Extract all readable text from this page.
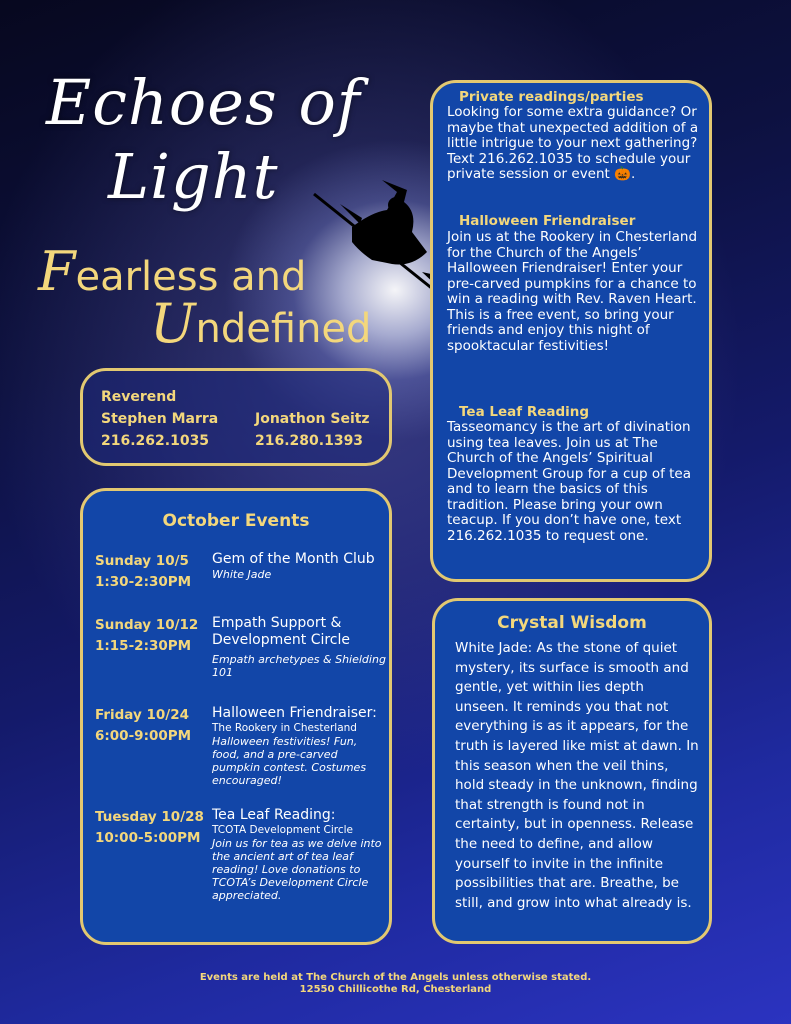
Echoes of
Light
Fearless and
Undefined
Reverend
Stephen Marra
216.262.1035
Jonathon Seitz
216.280.1393
October Events
Sunday 10/5
1:30-2:30PM
Gem of the Month Club
White Jade
Sunday 10/12
1:15-2:30PM
Empath Support & Development Circle
Empath archetypes & Shielding 101
Friday 10/24
6:00-9:00PM
Halloween Friendraiser:
The Rookery in Chesterland
Halloween festivities! Fun, food, and a pre-carved pumpkin contest. Costumes encouraged!
Tuesday 10/28
10:00-5:00PM
Tea Leaf Reading:
TCOTA Development Circle
Join us for tea as we delve into the ancient art of tea leaf reading! Love donations to TCOTA’s Development Circle appreciated.
Private readings/parties
Looking for some extra guidance? Or maybe that unexpected addition of a little intrigue to your next gathering? Text 216.262.1035 to schedule your private session or event 🎃.
Halloween Friendraiser
Join us at the Rookery in Chesterland for the Church of the Angels’ Halloween Friendraiser! Enter your pre-carved pumpkins for a chance to win a reading with Rev. Raven Heart. This is a free event, so bring your friends and enjoy this night of spooktacular festivities!
Tea Leaf Reading
Tasseomancy is the art of divination using tea leaves. Join us at The Church of the Angels’ Spiritual Development Group for a cup of tea and to learn the basics of this tradition. Please bring your own teacup. If you don’t have one, text 216.262.1035 to request one.
Crystal Wisdom
White Jade: As the stone of quiet mystery, its surface is smooth and gentle, yet within lies depth unseen. It reminds you that not everything is as it appears, for the truth is layered like mist at dawn. In this season when the veil thins, hold steady in the unknown, finding that strength is found not in certainty, but in openness. Release the need to define, and allow yourself to invite in the infinite possibilities that are. Breathe, be still, and grow into what already is.
Events are held at The Church of the Angels unless otherwise stated.
12550 Chillicothe Rd, Chesterland
